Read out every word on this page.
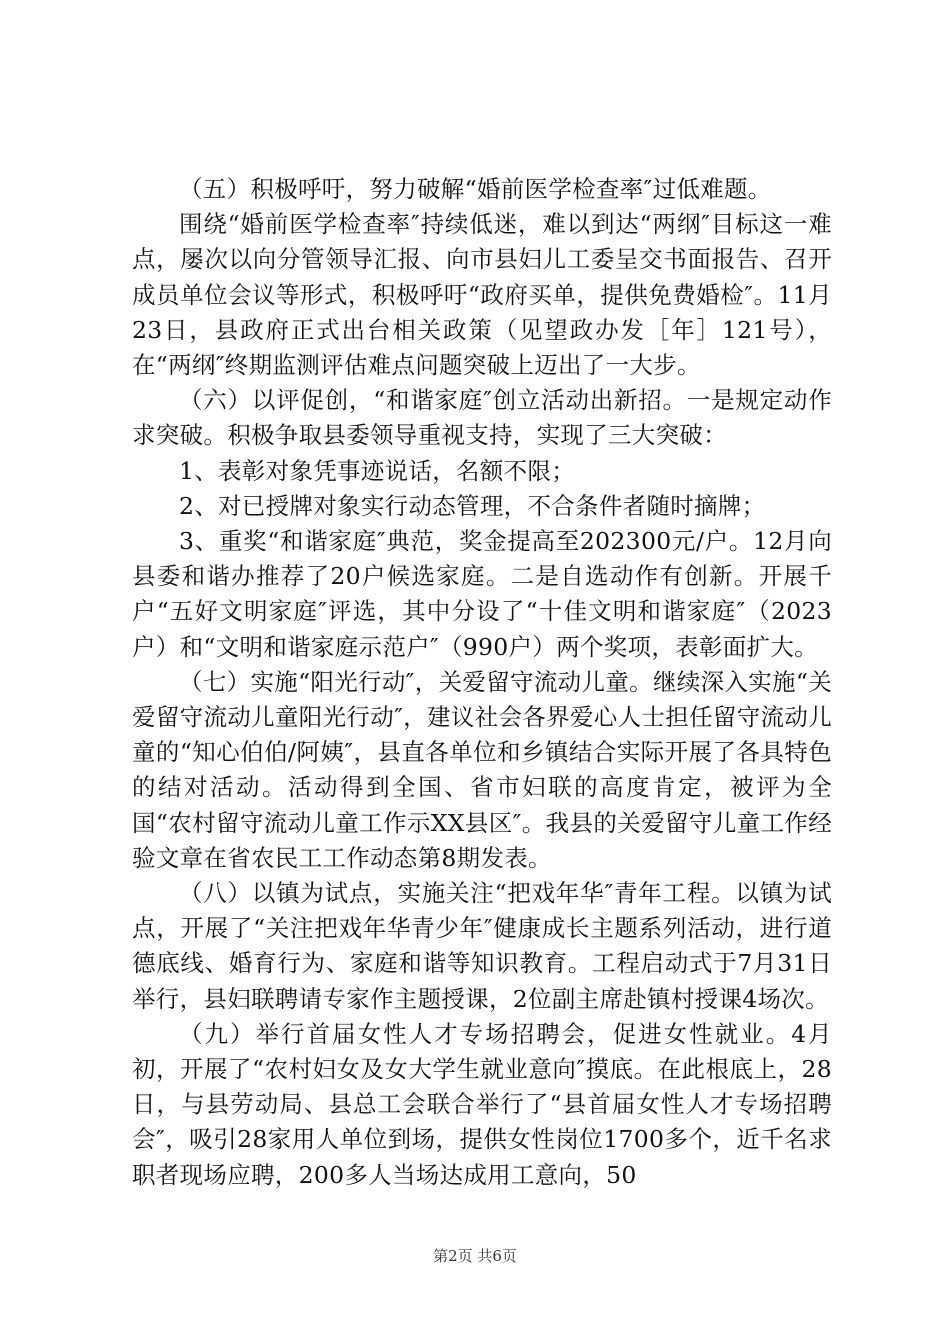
（五）积极呼吁，努力破解“婚前医学检查率″过低难题。

围绕“婚前医学检查率″持续低迷，难以到达“两纲″目标这一难点，屡次以向分管领导汇报、向市县妇儿工委呈交书面报告、召开成员单位会议等形式，积极呼吁“政府买单，提供免费婚检″。11月23日，县政府正式出台相关政策（见望政办发［年］121号），在“两纲″终期监测评估难点问题突破上迈出了一大步。

（六）以评促创，“和谐家庭″创立活动出新招。一是规定动作求突破。积极争取县委领导重视支持，实现了三大突破：

1、表彰对象凭事迹说话，名额不限；

2、对已授牌对象实行动态管理，不合条件者随时摘牌；

3、重奖“和谐家庭″典范，奖金提高至202300元/户。12月向县委和谐办推荐了20户候选家庭。二是自选动作有创新。开展千户“五好文明家庭″评选，其中分设了“十佳文明和谐家庭″（2023户）和“文明和谐家庭示范户″（990户）两个奖项，表彰面扩大。

（七）实施“阳光行动″，关爱留守流动儿童。继续深入实施“关爱留守流动儿童阳光行动″，建议社会各界爱心人士担任留守流动儿童的“知心伯伯/阿姨″，县直各单位和乡镇结合实际开展了各具特色的结对活动。活动得到全国、省市妇联的高度肯定，被评为全国“农村留守流动儿童工作示XX县区″。我县的关爱留守儿童工作经验文章在省农民工工作动态第8期发表。

（八）以镇为试点，实施关注“把戏年华″青年工程。以镇为试点，开展了“关注把戏年华青少年″健康成长主题系列活动，进行道德底线、婚育行为、家庭和谐等知识教育。工程启动式于7月31日举行，县妇联聘请专家作主题授课，2位副主席赴镇村授课4场次。

（九）举行首届女性人才专场招聘会，促进女性就业。4月初，开展了“农村妇女及女大学生就业意向″摸底。在此根底上，28日，与县劳动局、县总工会联合举行了“县首届女性人才专场招聘会″，吸引28家用人单位到场，提供女性岗位1700多个，近千名求职者现场应聘，200多人当场达成用工意向，50

第2页 共6页
